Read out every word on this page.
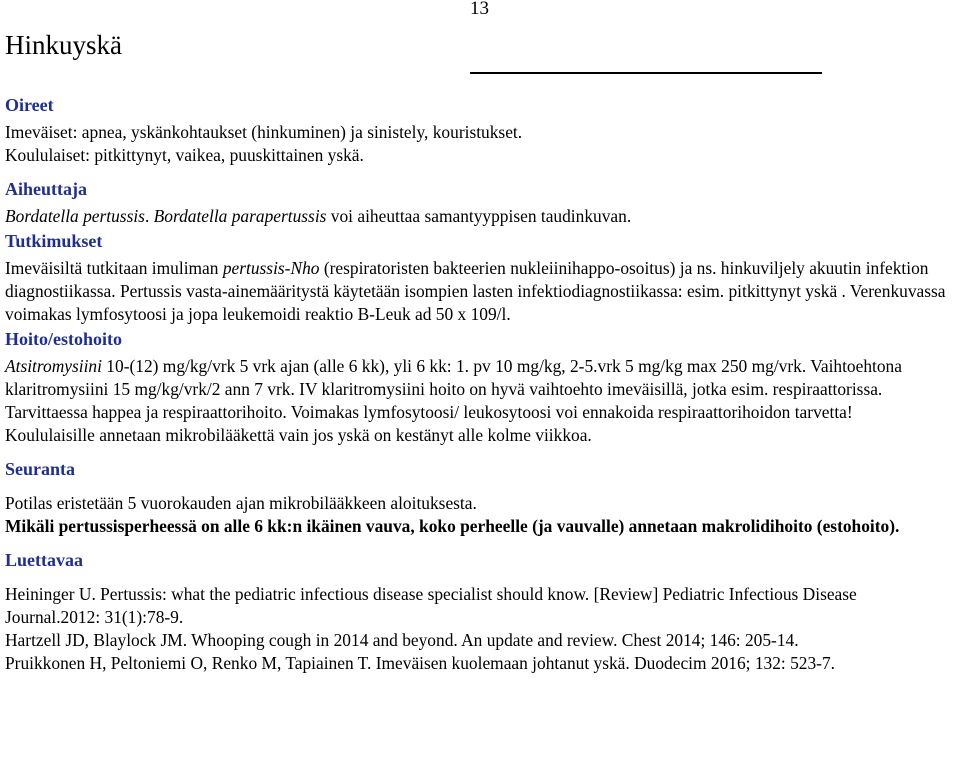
13
Hinkuyskä
Oireet

Imeväiset: apnea, yskänkohtaukset (hinkuminen) ja sinistely, kouristukset.

Koululaiset: pitkittynyt, vaikea, puuskittainen yskä.

Aiheuttaja

Bordatella pertussis. Bordatella parapertussis voi aiheuttaa samantyyppisen taudinkuvan.

Tutkimukset

Imeväisiltä tutkitaan imuliman pertussis-Nho (respiratoristen bakteerien nukleiinihappo-osoitus) ja ns. hinkuviljely akuutin infektion diagnostiikassa. Pertussis vasta-ainemääritystä käytetään isompien lasten infektiodiagnostiikassa: esim. pitkittynyt yskä . Verenkuvassa voimakas lymfosytoosi ja jopa leukemoidi reaktio B-Leuk ad 50 x 109/l.

Hoito/estohoito

Atsitromysiini 10-(12) mg/kg/vrk 5 vrk ajan (alle 6 kk), yli 6 kk: 1. pv 10 mg/kg, 2-5.vrk 5 mg/kg max 250 mg/vrk. Vaihtoehtona klaritromysiini 15 mg/kg/vrk/2 ann 7 vrk. IV klaritromysiini hoito on hyvä vaihtoehto imeväisillä, jotka esim. respiraattorissa.

Tarvittaessa happea ja respiraattorihoito. Voimakas lymfosytoosi/ leukosytoosi voi ennakoida respiraattorihoidon tarvetta!

Koululaisille annetaan mikrobilääkettä vain jos yskä on kestänyt alle kolme viikkoa.

Seuranta

Potilas eristetään 5 vuorokauden ajan mikrobilääkkeen aloituksesta.

Mikäli pertussisperheessä on alle 6 kk:n ikäinen vauva, koko perheelle (ja vauvalle) annetaan makrolidihoito (estohoito).

Luettavaa

Heininger U. Pertussis: what the pediatric infectious disease specialist should know. [Review] Pediatric Infectious Disease Journal.2012: 31(1):78-9.

Hartzell JD, Blaylock JM. Whooping cough in 2014 and beyond. An update and review. Chest 2014; 146: 205-14.

Pruikkonen H, Peltoniemi O, Renko M, Tapiainen T. Imeväisen kuolemaan johtanut yskä. Duodecim 2016; 132: 523-7.
